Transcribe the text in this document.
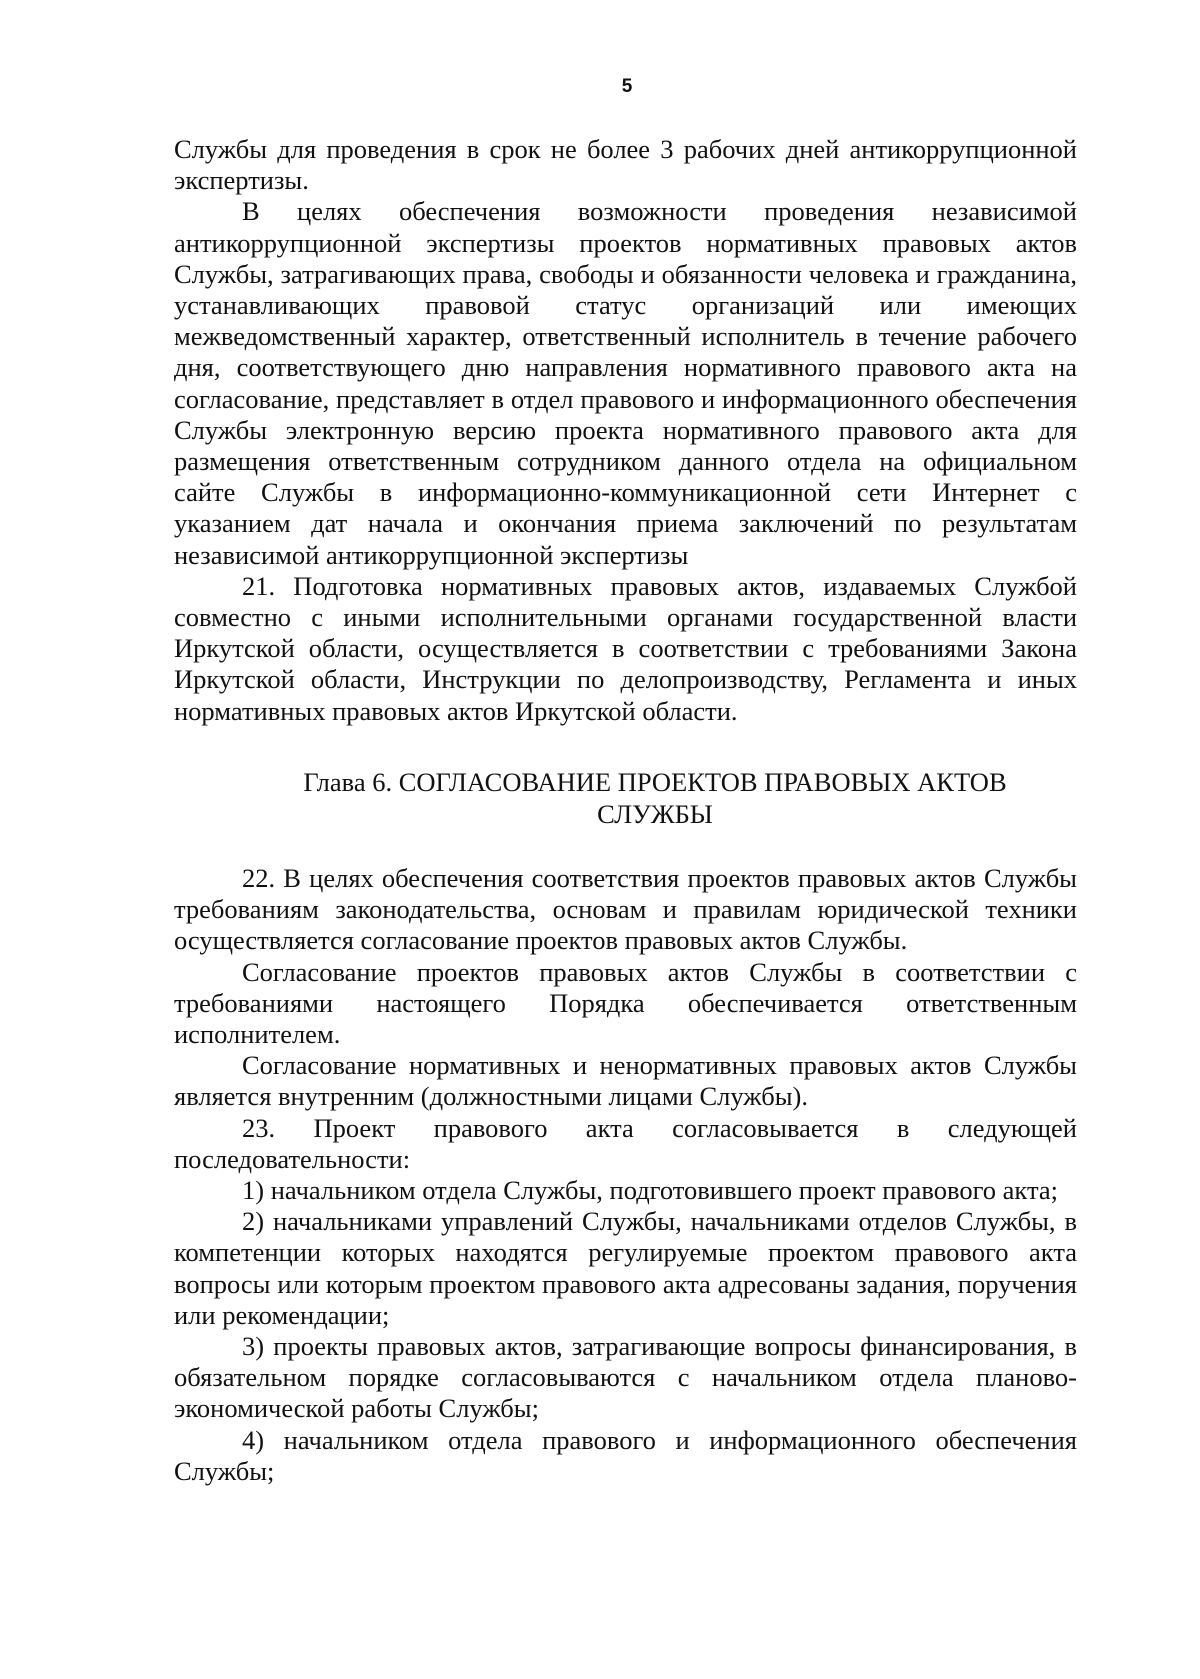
5

Службы для проведения в срок не более 3 рабочих дней антикоррупционной экспертизы.

В целях обеспечения возможности проведения независимой антикоррупционной экспертизы проектов нормативных правовых актов Службы, затрагивающих права, свободы и обязанности человека и гражданина, устанавливающих правовой статус организаций или имеющих межведомственный характер, ответственный исполнитель в течение рабочего дня, соответствующего дню направления нормативного правового акта на согласование, представляет в отдел правового и информационного обеспечения Службы электронную версию проекта нормативного правового акта для размещения ответственным сотрудником данного отдела на официальном сайте Службы в информационно-коммуникационной сети Интернет с указанием дат начала и окончания приема заключений по результатам независимой антикоррупционной экспертизы

21. Подготовка нормативных правовых актов, издаваемых Службой совместно с иными исполнительными органами государственной власти Иркутской области, осуществляется в соответствии с требованиями Закона Иркутской области, Инструкции по делопроизводству, Регламента и иных нормативных правовых актов Иркутской области.

Глава 6. СОГЛАСОВАНИЕ ПРОЕКТОВ ПРАВОВЫХ АКТОВ
СЛУЖБЫ

22. В целях обеспечения соответствия проектов правовых актов Службы требованиям законодательства, основам и правилам юридической техники осуществляется согласование проектов правовых актов Службы.

Согласование проектов правовых актов Службы в соответствии с требованиями настоящего Порядка обеспечивается ответственным исполнителем.

Согласование нормативных и ненормативных правовых актов Службы является внутренним (должностными лицами Службы).

23. Проект правового акта согласовывается в следующей последовательности:

1) начальником отдела Службы, подготовившего проект правового акта;

2) начальниками управлений Службы, начальниками отделов Службы, в компетенции которых находятся регулируемые проектом правового акта вопросы или которым проектом правового акта адресованы задания, поручения или рекомендации;

3) проекты правовых актов, затрагивающие вопросы финансирования, в обязательном порядке согласовываются с начальником отдела планово-экономической работы Службы;

4) начальником отдела правового и информационного обеспечения Службы;
